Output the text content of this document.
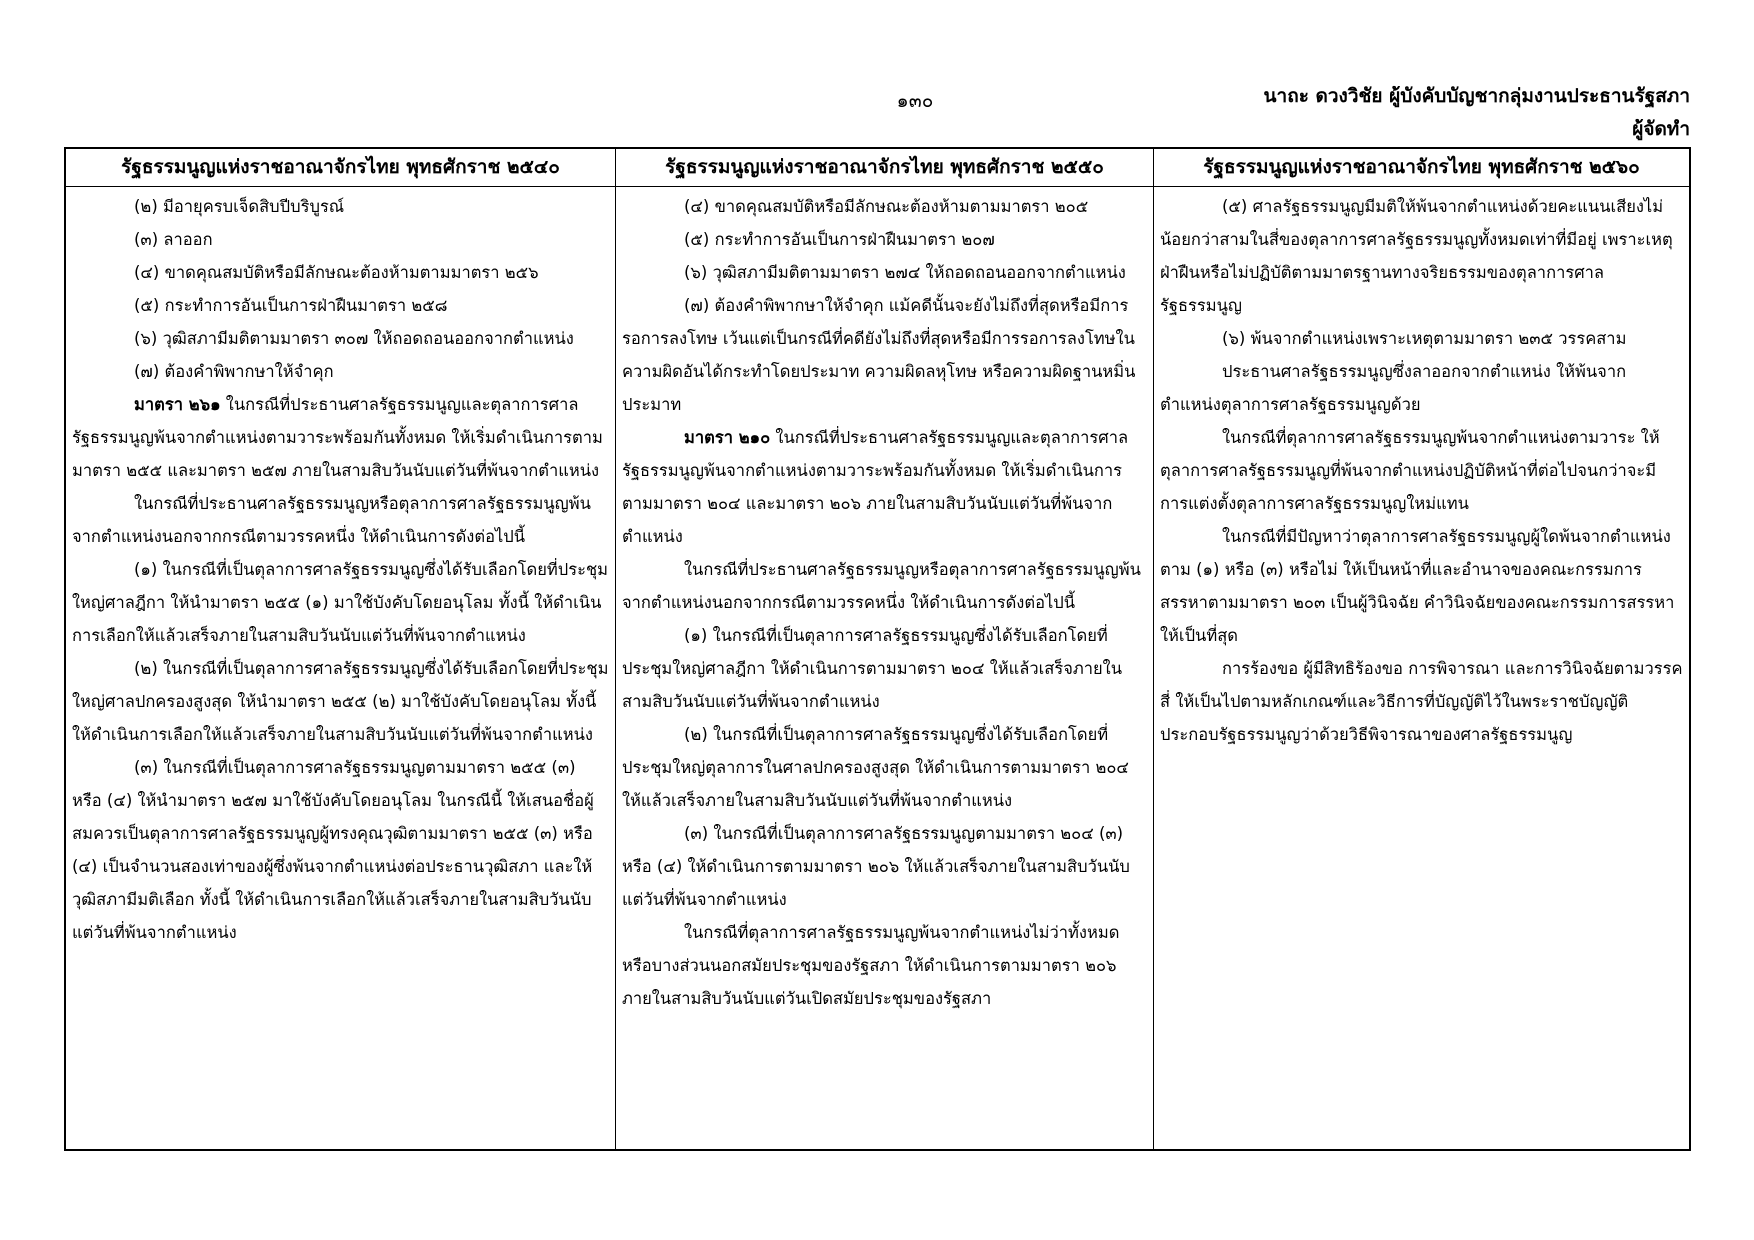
๑๓๐	นาถะ ดวงวิชัย ผู้บังคับบัญชากลุ่มงานประธานรัฐสภา
ผู้จัดทำ
รัฐธรรมนูญแห่งราชอาณาจักรไทย พุทธศักราช ๒๕๔๐

(๒) มีอายุครบเจ็ดสิบปีบริบูรณ์

(๓) ลาออก

(๔) ขาดคุณสมบัติหรือมีลักษณะต้องห้ามตามมาตรา ๒๕๖

(๕) กระทำการอันเป็นการฝ่าฝืนมาตรา ๒๕๘

(๖) วุฒิสภามีมติตามมาตรา ๓๐๗ ให้ถอดถอนออกจากตำแหน่ง

(๗) ต้องคำพิพากษาให้จำคุก

มาตรา ๒๖๑ ในกรณีที่ประธานศาลรัฐธรรมนูญและตุลาการศาลรัฐธรรมนูญพ้นจากตำแหน่งตามวาระพร้อมกันทั้งหมด ให้เริ่มดำเนินการตามมาตรา ๒๕๕ และมาตรา ๒๕๗ ภายในสามสิบวันนับแต่วันที่พ้นจากตำแหน่ง

ในกรณีที่ประธานศาลรัฐธรรมนูญหรือตุลาการศาลรัฐธรรมนูญพ้นจากตำแหน่งนอกจากกรณีตามวรรคหนึ่ง ให้ดำเนินการดังต่อไปนี้

(๑) ในกรณีที่เป็นตุลาการศาลรัฐธรรมนูญซึ่งได้รับเลือกโดยที่ประชุมใหญ่ศาลฎีกา ให้นำมาตรา ๒๕๕ (๑) มาใช้บังคับโดยอนุโลม ทั้งนี้ ให้ดำเนินการเลือกให้แล้วเสร็จภายในสามสิบวันนับแต่วันที่พ้นจากตำแหน่ง

(๒) ในกรณีที่เป็นตุลาการศาลรัฐธรรมนูญซึ่งได้รับเลือกโดยที่ประชุมใหญ่ศาลปกครองสูงสุด ให้นำมาตรา ๒๕๕ (๒) มาใช้บังคับโดยอนุโลม ทั้งนี้ ให้ดำเนินการเลือกให้แล้วเสร็จภายในสามสิบวันนับแต่วันที่พ้นจากตำแหน่ง

(๓) ในกรณีที่เป็นตุลาการศาลรัฐธรรมนูญตามมาตรา ๒๕๕ (๓) หรือ (๔) ให้นำมาตรา ๒๕๗ มาใช้บังคับโดยอนุโลม ในกรณีนี้ ให้เสนอชื่อผู้สมควรเป็นตุลาการศาลรัฐธรรมนูญผู้ทรงคุณวุฒิตามมาตรา ๒๕๕ (๓) หรือ (๔) เป็นจำนวนสองเท่าของผู้ซึ่งพ้นจากตำแหน่งต่อประธานวุฒิสภา และให้วุฒิสภามีมติเลือก ทั้งนี้ ให้ดำเนินการเลือกให้แล้วเสร็จภายในสามสิบวันนับแต่วันที่พ้นจากตำแหน่ง

รัฐธรรมนูญแห่งราชอาณาจักรไทย พุทธศักราช ๒๕๕๐

(๔) ขาดคุณสมบัติหรือมีลักษณะต้องห้ามตามมาตรา ๒๐๕

(๕) กระทำการอันเป็นการฝ่าฝืนมาตรา ๒๐๗

(๖) วุฒิสภามีมติตามมาตรา ๒๗๔ ให้ถอดถอนออกจากตำแหน่ง

(๗) ต้องคำพิพากษาให้จำคุก แม้คดีนั้นจะยังไม่ถึงที่สุดหรือมีการรอการลงโทษ เว้นแต่เป็นกรณีที่คดียังไม่ถึงที่สุดหรือมีการรอการลงโทษในความผิดอันได้กระทำโดยประมาท ความผิดลหุโทษ หรือความผิดฐานหมิ่นประมาท

มาตรา ๒๑๐ ในกรณีที่ประธานศาลรัฐธรรมนูญและตุลาการศาลรัฐธรรมนูญพ้นจากตำแหน่งตามวาระพร้อมกันทั้งหมด ให้เริ่มดำเนินการตามมาตรา ๒๐๔ และมาตรา ๒๐๖ ภายในสามสิบวันนับแต่วันที่พ้นจากตำแหน่ง

ในกรณีที่ประธานศาลรัฐธรรมนูญหรือตุลาการศาลรัฐธรรมนูญพ้นจากตำแหน่งนอกจากกรณีตามวรรคหนึ่ง ให้ดำเนินการดังต่อไปนี้

(๑) ในกรณีที่เป็นตุลาการศาลรัฐธรรมนูญซึ่งได้รับเลือกโดยที่ประชุมใหญ่ศาลฎีกา ให้ดำเนินการตามมาตรา ๒๐๔ ให้แล้วเสร็จภายในสามสิบวันนับแต่วันที่พ้นจากตำแหน่ง

(๒) ในกรณีที่เป็นตุลาการศาลรัฐธรรมนูญซึ่งได้รับเลือกโดยที่ประชุมใหญ่ตุลาการในศาลปกครองสูงสุด ให้ดำเนินการตามมาตรา ๒๐๔ ให้แล้วเสร็จภายในสามสิบวันนับแต่วันที่พ้นจากตำแหน่ง

(๓) ในกรณีที่เป็นตุลาการศาลรัฐธรรมนูญตามมาตรา ๒๐๔ (๓) หรือ (๔) ให้ดำเนินการตามมาตรา ๒๐๖ ให้แล้วเสร็จภายในสามสิบวันนับแต่วันที่พ้นจากตำแหน่ง

ในกรณีที่ตุลาการศาลรัฐธรรมนูญพ้นจากตำแหน่งไม่ว่าทั้งหมดหรือบางส่วนนอกสมัยประชุมของรัฐสภา ให้ดำเนินการตามมาตรา ๒๐๖ ภายในสามสิบวันนับแต่วันเปิดสมัยประชุมของรัฐสภา

รัฐธรรมนูญแห่งราชอาณาจักรไทย พุทธศักราช ๒๕๖๐

(๕) ศาลรัฐธรรมนูญมีมติให้พ้นจากตำแหน่งด้วยคะแนนเสียงไม่น้อยกว่าสามในสี่ของตุลาการศาลรัฐธรรมนูญทั้งหมดเท่าที่มีอยู่ เพราะเหตุฝ่าฝืนหรือไม่ปฏิบัติตามมาตรฐานทางจริยธรรมของตุลาการศาลรัฐธรรมนูญ

(๖) พ้นจากตำแหน่งเพราะเหตุตามมาตรา ๒๓๕ วรรคสาม

ประธานศาลรัฐธรรมนูญซึ่งลาออกจากตำแหน่ง ให้พ้นจากตำแหน่งตุลาการศาลรัฐธรรมนูญด้วย

ในกรณีที่ตุลาการศาลรัฐธรรมนูญพ้นจากตำแหน่งตามวาระ ให้ตุลาการศาลรัฐธรรมนูญที่พ้นจากตำแหน่งปฏิบัติหน้าที่ต่อไปจนกว่าจะมีการแต่งตั้งตุลาการศาลรัฐธรรมนูญใหม่แทน

ในกรณีที่มีปัญหาว่าตุลาการศาลรัฐธรรมนูญผู้ใดพ้นจากตำแหน่งตาม (๑) หรือ (๓) หรือไม่ ให้เป็นหน้าที่และอำนาจของคณะกรรมการสรรหาตามมาตรา ๒๐๓ เป็นผู้วินิจฉัย คำวินิจฉัยของคณะกรรมการสรรหาให้เป็นที่สุด

การร้องขอ ผู้มีสิทธิร้องขอ การพิจารณา และการวินิจฉัยตามวรรคสี่ ให้เป็นไปตามหลักเกณฑ์และวิธีการที่บัญญัติไว้ในพระราชบัญญัติประกอบรัฐธรรมนูญว่าด้วยวิธีพิจารณาของศาลรัฐธรรมนูญ
